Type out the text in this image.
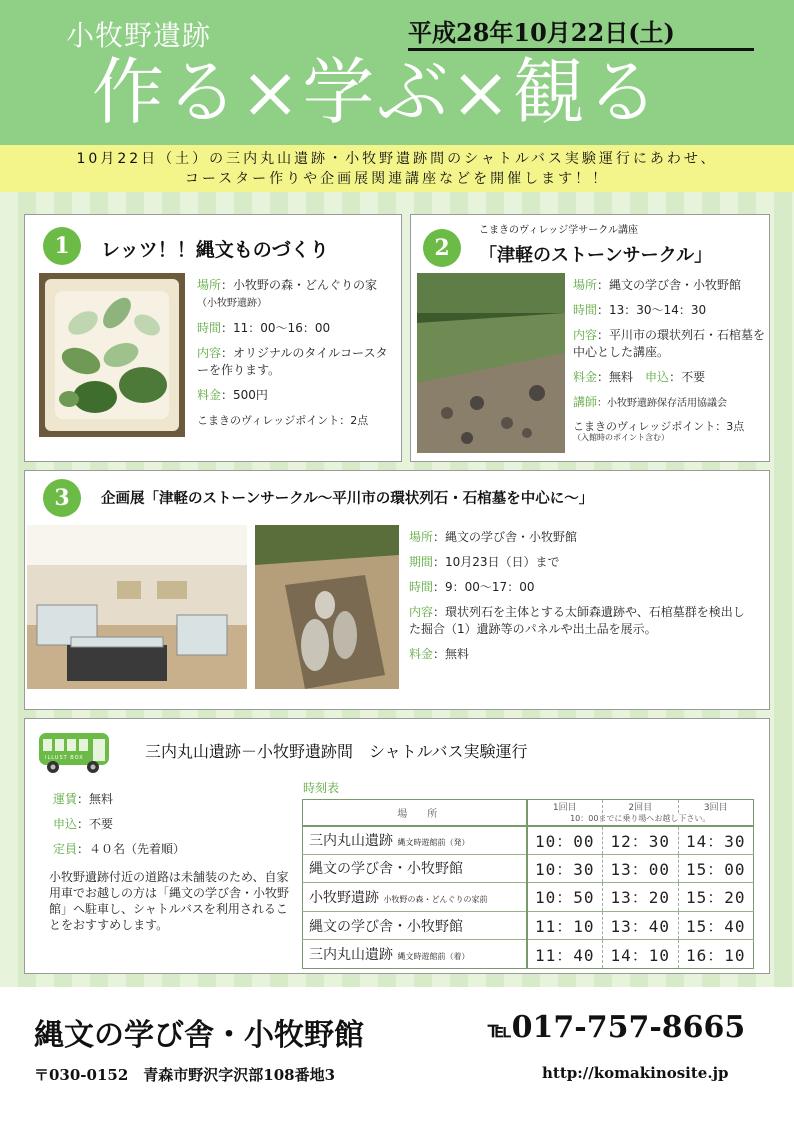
小牧野遺跡
作る×学ぶ×観る
平成28年10月22日(土)
10月22日（土）の三内丸山遺跡・小牧野遺跡間のシャトルバス実験運行にあわせ、
コースター作りや企画展関連講座などを開催します！！
1	レッツ！！縄文ものづくり
場所：小牧野の森・どんぐりの家（小牧野遺跡）
時間：11：00〜16：00
内容：オリジナルのタイルコースターを作ります。
料金：500円
こまきのヴィレッジポイント：2点
2
こまきのヴィレッジ学サークル講座
「津軽のストーンサークル」
場所：縄文の学び舎・小牧野館
時間：13：30〜14：30
内容：平川市の環状列石・石棺墓を中心とした講座。
料金：無料　 申込：不要
講師：小牧野遺跡保存活用協議会
こまきのヴィレッジポイント：3点
（入館時のポイント含む）
3	企画展「津軽のストーンサークル〜平川市の環状列石・石棺墓を中心に〜」
場所：縄文の学び舎・小牧野館
期間：10月23日（日）まで
時間：9：00〜17：00
内容：環状列石を主体とする太師森遺跡や、石棺墓群を検出した掘合（1）遺跡等のパネルや出土品を展示。
料金：無料
ILLUST BOX	三内丸山遺跡－小牧野遺跡間　シャトルバス実験運行
運賃：無料
申込：不要
定員：４０名（先着順）
小牧野遺跡付近の道路は未舗装のため、自家用車でお越しの方は「縄文の学び舎・小牧野館」へ駐車し、シャトルバスを利用されることをおすすめします。
時刻表
場　　所	1回目 2回目 3回目
10：00までに乗り場へお越し下さい。		

三内丸山遺跡 縄文時遊館前（発）	10：00	12：30	14：30
縄文の学び舎・小牧野館	10：30	13：00	15：00
小牧野遺跡 小牧野の森・どんぐりの家前	10：50	13：20	15：20
縄文の学び舎・小牧野館	11：10	13：40	15：40
三内丸山遺跡 縄文時遊館前（着）	11：40	14：10	16：10
縄文の学び舎・小牧野館	℡017-757-8665
〒030-0152　青森市野沢字沢部108番地3	http://komakinosite.jp
